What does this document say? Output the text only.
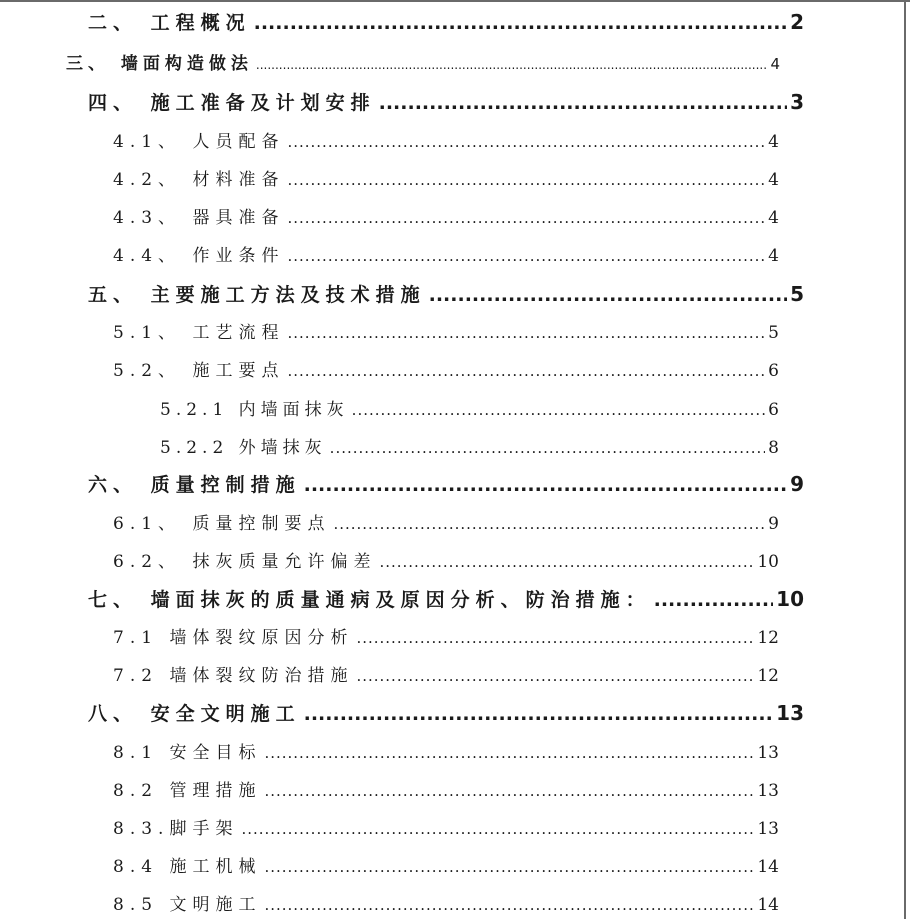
二、 工程概况 .....	2
三、 墙面构造做法 .....	4
四、 施工准备及计划安排 .....	3
4.1、 人员配备 .....	4
4.2、 材料准备 .....	4
4.3、 器具准备 .....	4
4.4、 作业条件 .....	4
五、 主要施工方法及技术措施 .....	5
5.1、 工艺流程 .....	5
5.2、 施工要点 .....	6
5.2.1 内墙面抹灰 .....	6
5.2.2 外墙抹灰 .....	8
六、 质量控制措施 .....	9
6.1、 质量控制要点 .....	9
6.2、 抹灰质量允许偏差 .....	10
七、 墙面抹灰的质量通病及原因分析、防治措施： .....	10
7.1 墙体裂纹原因分析 .....	12
7.2 墙体裂纹防治措施 .....	12
八、 安全文明施工 .....	13
8.1 安全目标 .....	13
8.2 管理措施 .....	13
8.3.脚手架 .....	13
8.4 施工机械 .....	14
8.5 文明施工 .....	14
